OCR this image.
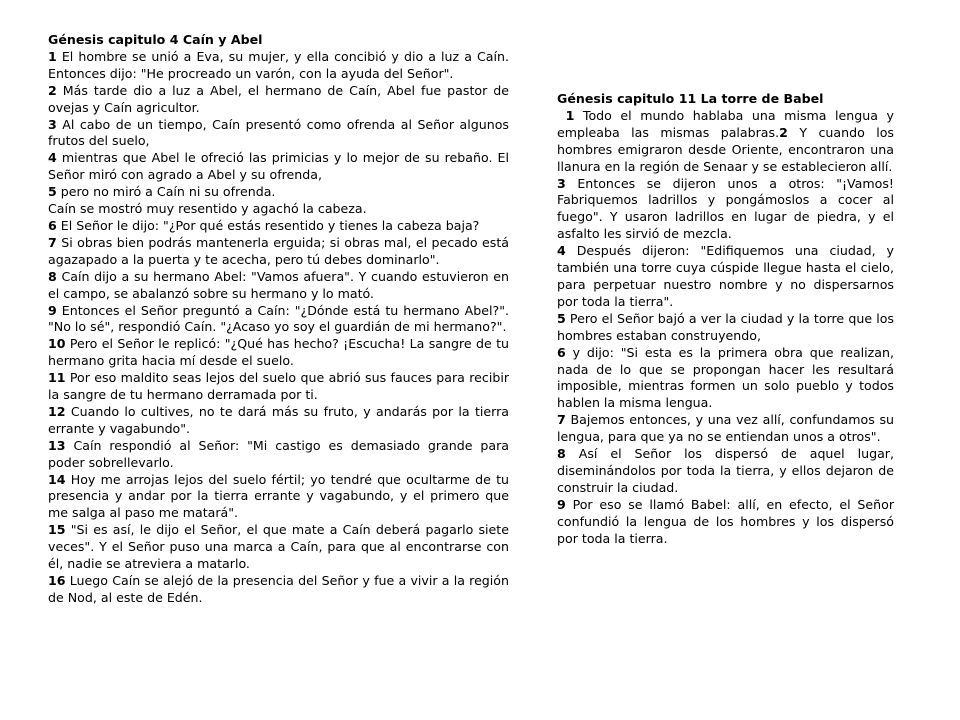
Génesis capitulo 4 Caín y Abel

1 El hombre se unió a Eva, su mujer, y ella concibió y dio a luz a Caín. Entonces dijo: "He procreado un varón, con la ayuda del Señor".

2 Más tarde dio a luz a Abel, el hermano de Caín, Abel fue pastor de ovejas y Caín agricultor.

3 Al cabo de un tiempo, Caín presentó como ofrenda al Señor algunos frutos del suelo,

4 mientras que Abel le ofreció las primicias y lo mejor de su rebaño. El Señor miró con agrado a Abel y su ofrenda,

5 pero no miró a Caín ni su ofrenda.

Caín se mostró muy resentido y agachó la cabeza.

6 El Señor le dijo: "¿Por qué estás resentido y tienes la cabeza baja?

7 Si obras bien podrás mantenerla erguida; si obras mal, el pecado está agazapado a la puerta y te acecha, pero tú debes dominarlo".

8 Caín dijo a su hermano Abel: "Vamos afuera". Y cuando estuvieron en el campo, se abalanzó sobre su hermano y lo mató.

9 Entonces el Señor preguntó a Caín: "¿Dónde está tu hermano Abel?". "No lo sé", respondió Caín. "¿Acaso yo soy el guardián de mi hermano?".

10 Pero el Señor le replicó: "¿Qué has hecho? ¡Escucha! La sangre de tu hermano grita hacia mí desde el suelo.

11 Por eso maldito seas lejos del suelo que abrió sus fauces para recibir la sangre de tu hermano derramada por ti.

12 Cuando lo cultives, no te dará más su fruto, y andarás por la tierra errante y vagabundo".

13 Caín respondió al Señor: "Mi castigo es demasiado grande para poder sobrellevarlo.

14 Hoy me arrojas lejos del suelo fértil; yo tendré que ocultarme de tu presencia y andar por la tierra errante y vagabundo, y el primero que me salga al paso me matará".

15 "Si es así, le dijo el Señor, el que mate a Caín deberá pagarlo siete veces". Y el Señor puso una marca a Caín, para que al encontrarse con él, nadie se atreviera a matarlo.

16 Luego Caín se alejó de la presencia del Señor y fue a vivir a la región de Nod, al este de Edén.

Génesis capitulo 11 La torre de Babel

1 Todo el mundo hablaba una misma lengua y empleaba las mismas palabras.2 Y cuando los hombres emigraron desde Oriente, encontraron una llanura en la región de Senaar y se establecieron allí.

3 Entonces se dijeron unos a otros: "¡Vamos! Fabriquemos ladrillos y pongámoslos a cocer al fuego". Y usaron ladrillos en lugar de piedra, y el asfalto les sirvió de mezcla.

4 Después dijeron: "Edifiquemos una ciudad, y también una torre cuya cúspide llegue hasta el cielo, para perpetuar nuestro nombre y no dispersarnos por toda la tierra".

5 Pero el Señor bajó a ver la ciudad y la torre que los hombres estaban construyendo,

6 y dijo: "Si esta es la primera obra que realizan, nada de lo que se propongan hacer les resultará imposible, mientras formen un solo pueblo y todos hablen la misma lengua.

7 Bajemos entonces, y una vez allí, confundamos su lengua, para que ya no se entiendan unos a otros".

8 Así el Señor los dispersó de aquel lugar, diseminándolos por toda la tierra, y ellos dejaron de construir la ciudad.

9 Por eso se llamó Babel: allí, en efecto, el Señor confundió la lengua de los hombres y los dispersó por toda la tierra.
